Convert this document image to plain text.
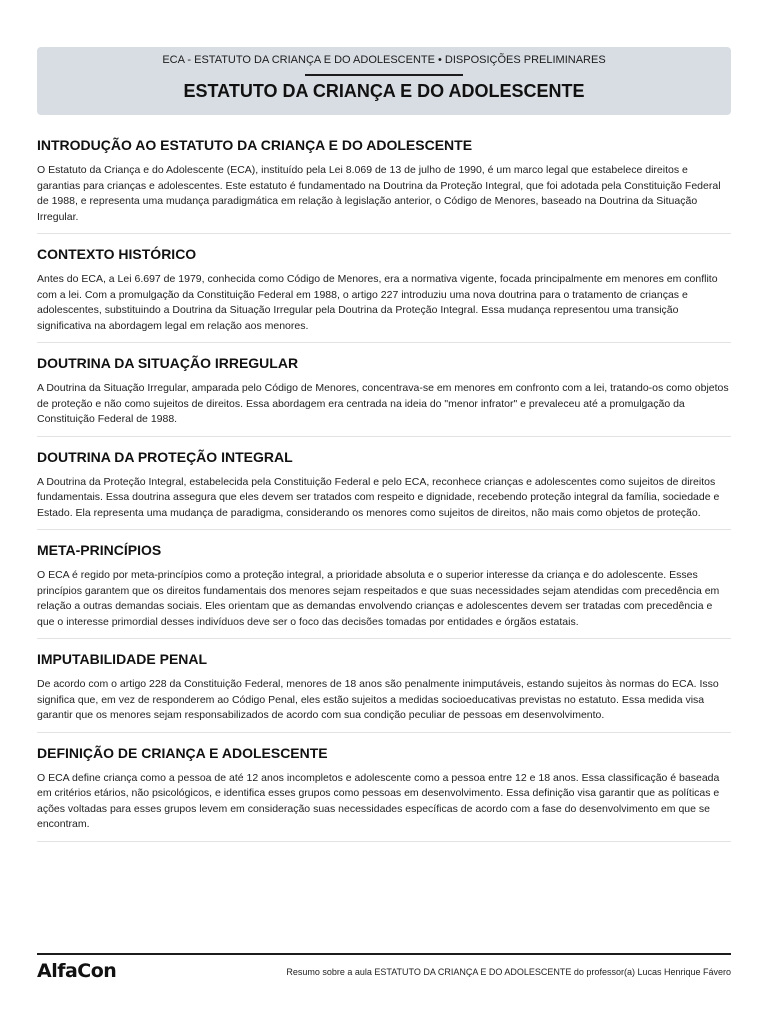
ECA - ESTATUTO DA CRIANÇA E DO ADOLESCENTE • DISPOSIÇÕES PRELIMINARES
ESTATUTO DA CRIANÇA E DO ADOLESCENTE
INTRODUÇÃO AO ESTATUTO DA CRIANÇA E DO ADOLESCENTE

O Estatuto da Criança e do Adolescente (ECA), instituído pela Lei 8.069 de 13 de julho de 1990, é um marco legal que estabelece direitos e garantias para crianças e adolescentes. Este estatuto é fundamentado na Doutrina da Proteção Integral, que foi adotada pela Constituição Federal de 1988, e representa uma mudança paradigmática em relação à legislação anterior, o Código de Menores, baseado na Doutrina da Situação Irregular.

CONTEXTO HISTÓRICO

Antes do ECA, a Lei 6.697 de 1979, conhecida como Código de Menores, era a normativa vigente, focada principalmente em menores em conflito com a lei. Com a promulgação da Constituição Federal em 1988, o artigo 227 introduziu uma nova doutrina para o tratamento de crianças e adolescentes, substituindo a Doutrina da Situação Irregular pela Doutrina da Proteção Integral. Essa mudança representou uma transição significativa na abordagem legal em relação aos menores.

DOUTRINA DA SITUAÇÃO IRREGULAR

A Doutrina da Situação Irregular, amparada pelo Código de Menores, concentrava-se em menores em confronto com a lei, tratando-os como objetos de proteção e não como sujeitos de direitos. Essa abordagem era centrada na ideia do "menor infrator" e prevaleceu até a promulgação da Constituição Federal de 1988.

DOUTRINA DA PROTEÇÃO INTEGRAL

A Doutrina da Proteção Integral, estabelecida pela Constituição Federal e pelo ECA, reconhece crianças e adolescentes como sujeitos de direitos fundamentais. Essa doutrina assegura que eles devem ser tratados com respeito e dignidade, recebendo proteção integral da família, sociedade e Estado. Ela representa uma mudança de paradigma, considerando os menores como sujeitos de direitos, não mais como objetos de proteção.

META-PRINCÍPIOS

O ECA é regido por meta-princípios como a proteção integral, a prioridade absoluta e o superior interesse da criança e do adolescente. Esses princípios garantem que os direitos fundamentais dos menores sejam respeitados e que suas necessidades sejam atendidas com precedência em relação a outras demandas sociais. Eles orientam que as demandas envolvendo crianças e adolescentes devem ser tratadas com precedência e que o interesse primordial desses indivíduos deve ser o foco das decisões tomadas por entidades e órgãos estatais.

IMPUTABILIDADE PENAL

De acordo com o artigo 228 da Constituição Federal, menores de 18 anos são penalmente inimputáveis, estando sujeitos às normas do ECA. Isso significa que, em vez de responderem ao Código Penal, eles estão sujeitos a medidas socioeducativas previstas no estatuto. Essa medida visa garantir que os menores sejam responsabilizados de acordo com sua condição peculiar de pessoas em desenvolvimento.

DEFINIÇÃO DE CRIANÇA E ADOLESCENTE

O ECA define criança como a pessoa de até 12 anos incompletos e adolescente como a pessoa entre 12 e 18 anos. Essa classificação é baseada em critérios etários, não psicológicos, e identifica esses grupos como pessoas em desenvolvimento. Essa definição visa garantir que as políticas e ações voltadas para esses grupos levem em consideração suas necessidades específicas de acordo com a fase do desenvolvimento em que se encontram.

AlfaCon	Resumo sobre a aula ESTATUTO DA CRIANÇA E DO ADOLESCENTE do professor(a) Lucas Henrique Fávero
